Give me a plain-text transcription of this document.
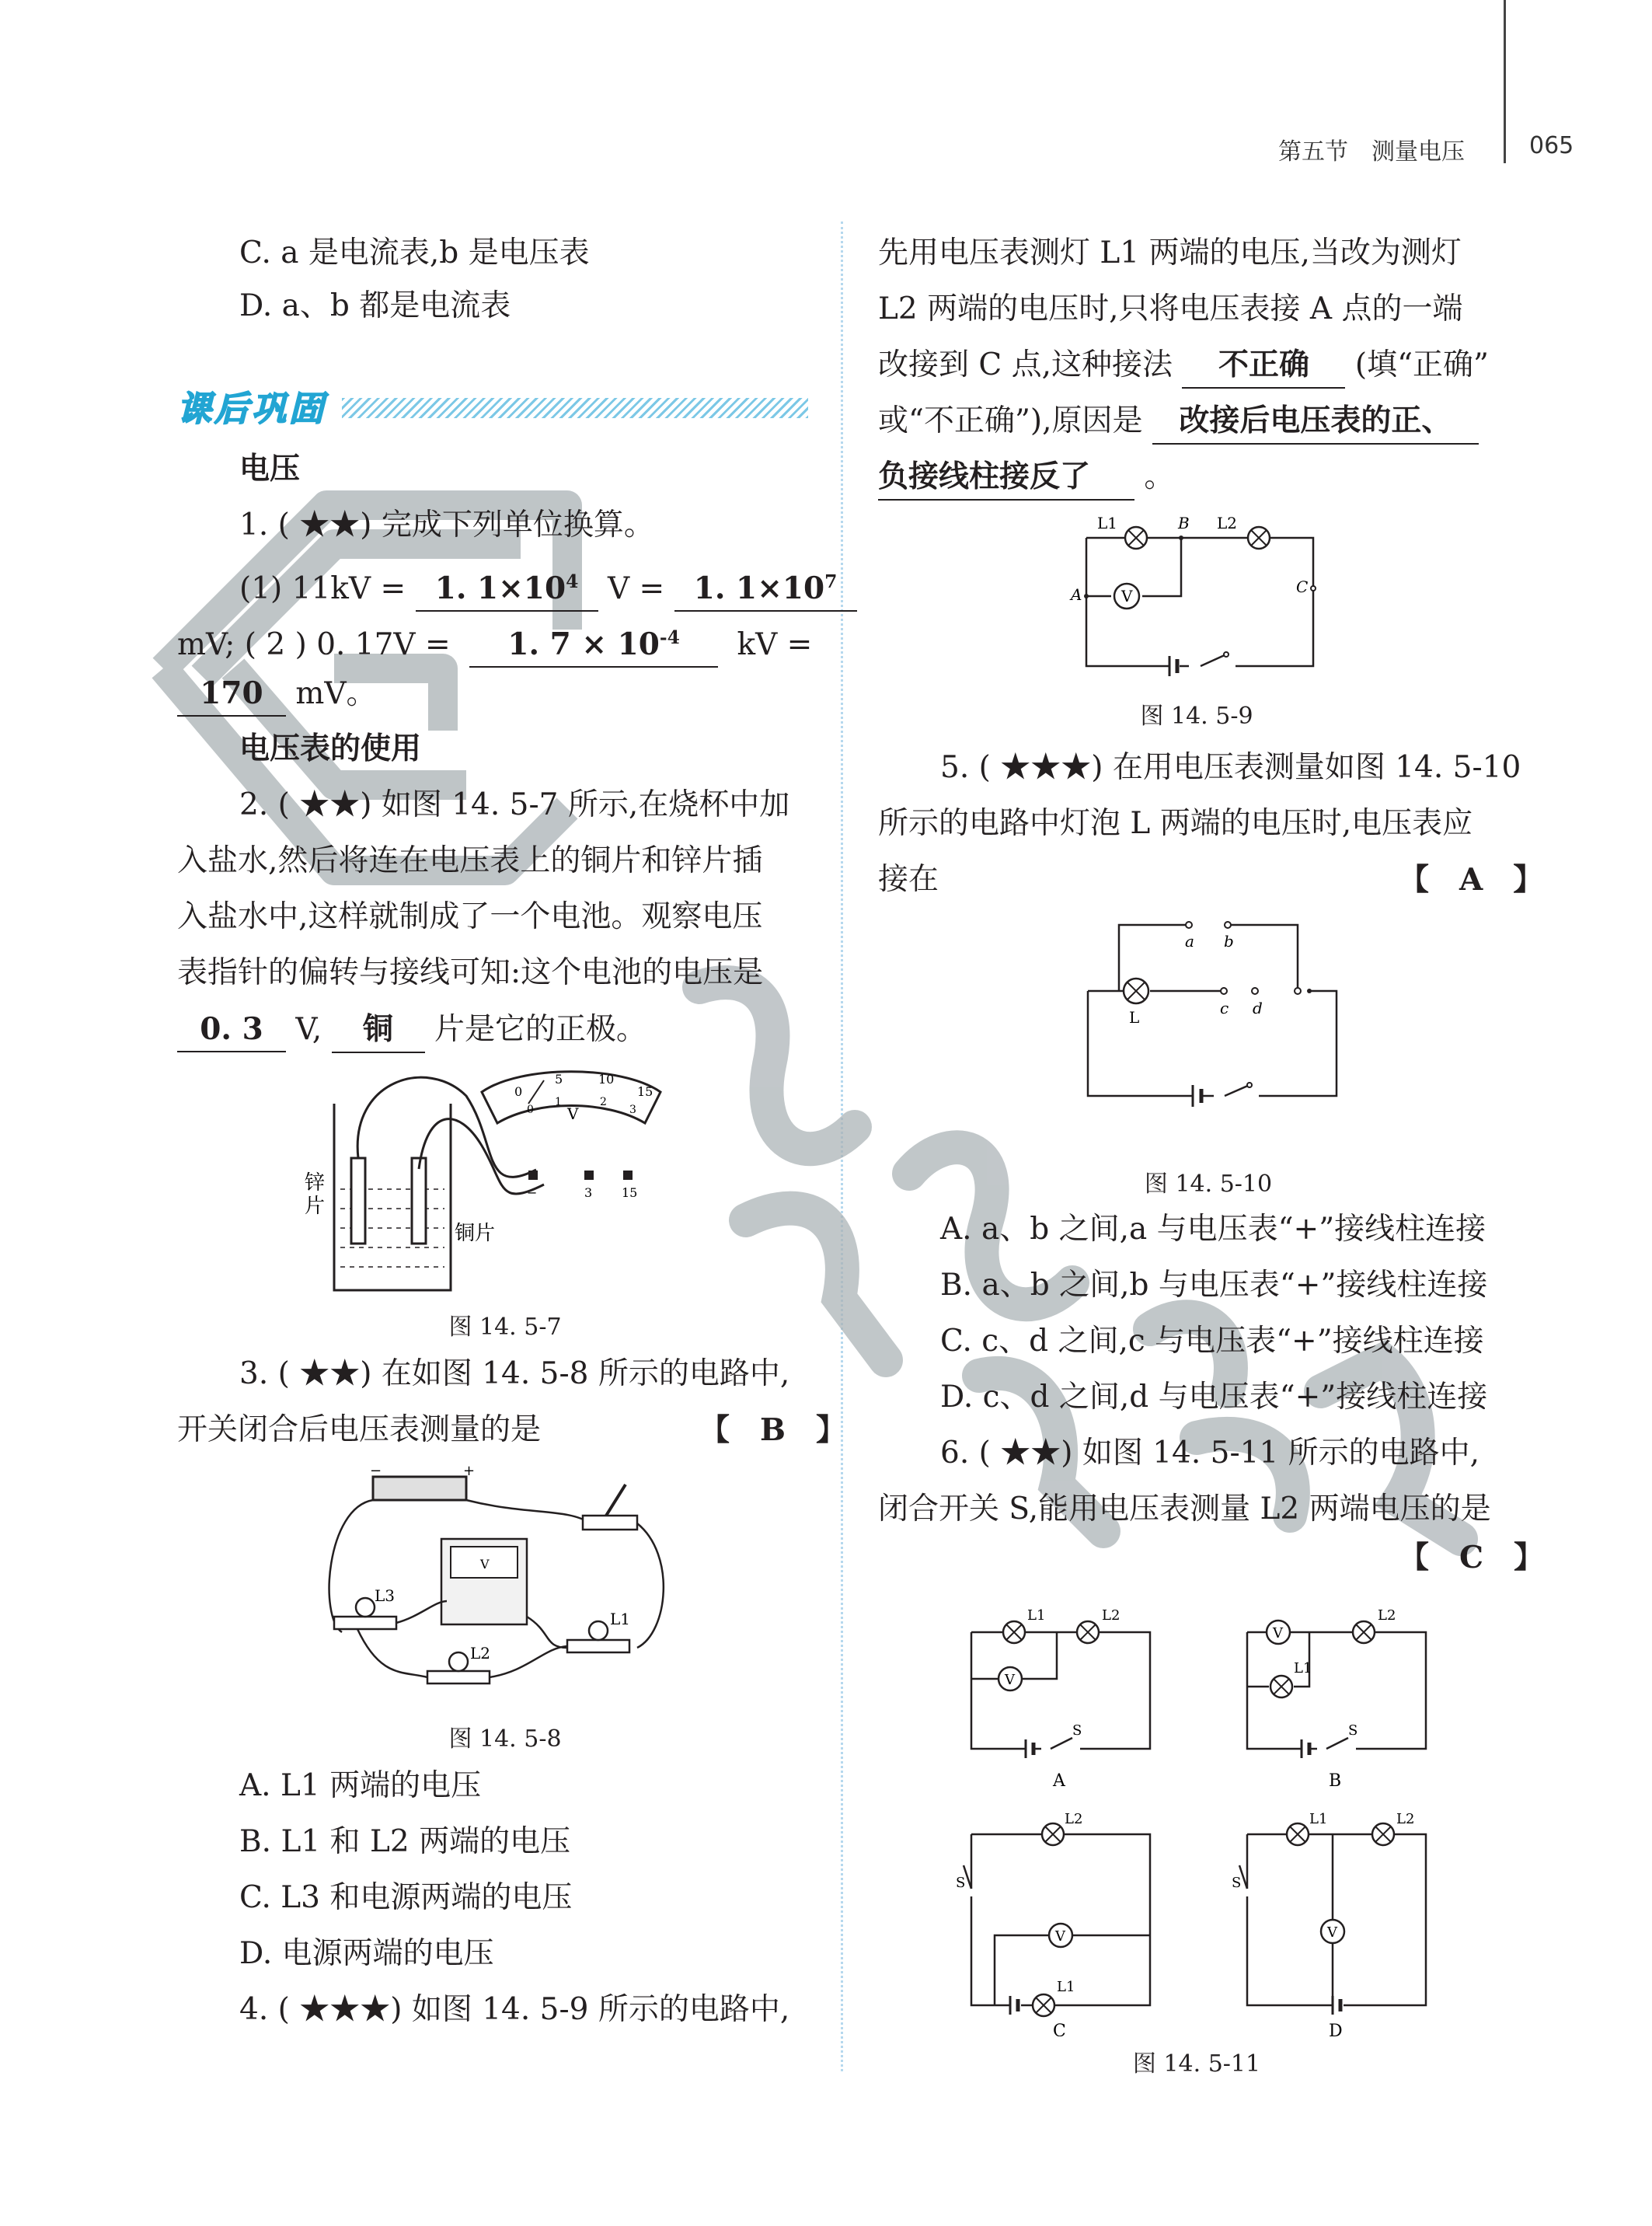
第五节　测量电压	065
C. a 是电流表,b 是电压表
D. a、b 都是电流表
课后巩固
电压
1. ( ★★) 完成下列单位换算。
(1) 11kV = 1. $1\times 10^4$ V = 1. $1\times 10^7$
mV; ( 2 ) 0. 17V = 1. $7 \times 10^{-4}$ kV =
170 mV。
电压表的使用
2. ( ★★) 如图 14. 5-7 所示,在烧杯中加
入盐水,然后将连在电压表上的铜片和锌片插
入盐水中,这样就制成了一个电池。观察电压
表指针的偏转与接线可知:这个电池的电压是
0. 3 V, 铜 片是它的正极。
0
5	10
15
0
1	2
3
V
−	3 15
锌
片
铜片
图 14. 5-7
3. ( ★★) 在如图 14. 5-8 所示的电路中,
开关闭合后电压表测量的是	【　B　】
L3
L1
L2
−	+
V
图 14. 5-8
A. L1 两端的电压
B. L1 和 L2 两端的电压
C. L3 和电源两端的电压
D. 电源两端的电压
4. ( ★★★) 如图 14. 5-9 所示的电路中,
先用电压表测灯 L1 两端的电压,当改为测灯
L2 两端的电压时,只将电压表接 A 点的一端
改接到 C 点,这种接法 不正确 (填“正确”
或“不正确”),原因是 改接后电压表的正、
负接线柱接反了 。
L1	B L2
A	V	C
图 14. 5-9
5. ( ★★★) 在用电压表测量如图 14. 5-10
所示的电路中灯泡 L 两端的电压时,电压表应
接在	【　A　】
a b
L	c d
图 14. 5-10
A. a、b 之间,a 与电压表“+”接线柱连接
B. a、b 之间,b 与电压表“+”接线柱连接
C. c、d 之间,c 与电压表“+”接线柱连接
D. c、d 之间,d 与电压表“+”接线柱连接
6. ( ★★) 如图 14. 5-11 所示的电路中,
闭合开关 S,能用电压表测量 L2 两端电压的是
【　C　】
V
L1	L2
S
A
V
L1
L2
S
B
V
L2
L1
S
C
V
L1	L2
S
D
图 14. 5-11
